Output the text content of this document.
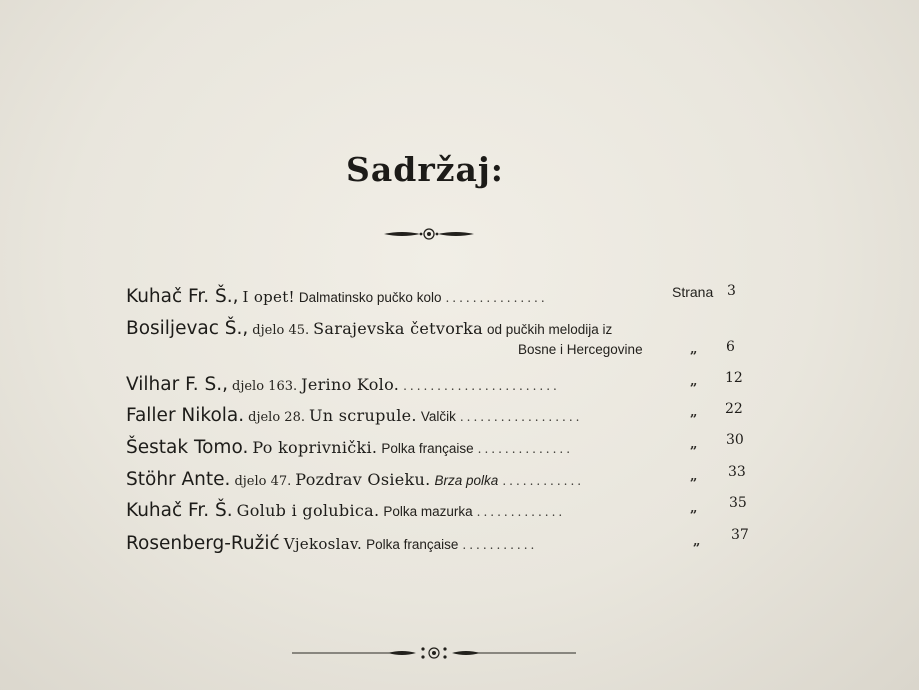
Sadržaj:
Kuhač Fr. Š., I opet! Dalmatinsko pučko kolo ...............	Strana 3
Bosiljevac Š., djelo 45. Sarajevska četvorka od pučkih melodija iz
Bosne i Hercegovine	„ 6
Vilhar F. S., djelo 163. Jerino Kolo. .......................	„ 12
Faller Nikola. djelo 28. Un scrupule. Valčik ..................	„ 22
Šestak Tomo. Po koprivnički. Polka française ..............	„ 30
Stöhr Ante. djelo 47. Pozdrav Osieku. Brza polka ............	„ 33
Kuhač Fr. Š. Golub i golubica. Polka mazurka .............	„ 35
Rosenberg-Ružić Vjekoslav. Polka française ...........	„ 37
